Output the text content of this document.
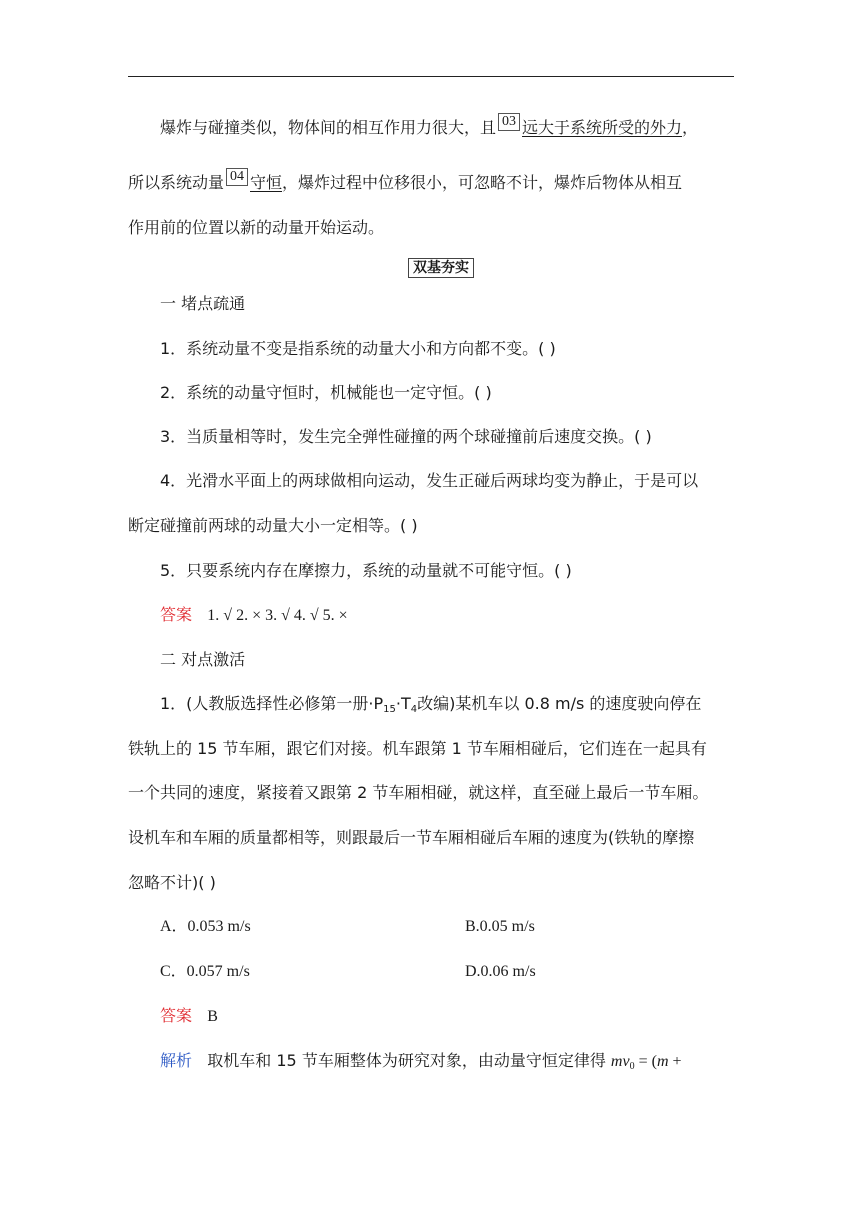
爆炸与碰撞类似，物体间的相互作用力很大，且 03 远大于系统所受的外力，
所以系统动量 04 守恒，爆炸过程中位移很小，可忽略不计，爆炸后物体从相互
作用前的位置以新的动量开始运动。
双基夯实
一 堵点疏通
1．系统动量不变是指系统的动量大小和方向都不变。( )
2．系统的动量守恒时，机械能也一定守恒。( )
3．当质量相等时，发生完全弹性碰撞的两个球碰撞前后速度交换。( )
4．光滑水平面上的两球做相向运动，发生正碰后两球均变为静止，于是可以
断定碰撞前两球的动量大小一定相等。( )
5．只要系统内存在摩擦力，系统的动量就不可能守恒。( )
答案 1. √ 2. × 3. √ 4. √ 5. ×
二 对点激活
1．(人教版选择性必修第一册$\cdot P_{15}\cdot T_4$改编)某机车以 0.8 m/s 的速度驶向停在
铁轨上的 15 节车厢，跟它们对接。机车跟第 1 节车厢相碰后，它们连在一起具有
一个共同的速度，紧接着又跟第 2 节车厢相碰，就这样，直至碰上最后一节车厢。
设机车和车厢的质量都相等，则跟最后一节车厢相碰后车厢的速度为(铁轨的摩擦
忽略不计)( )
A．0.053 m/s	B.0.05 m/s
C．0.057 m/s	D.0.06 m/s
答案 B
解析 取机车和 15 节车厢整体为研究对象，由动量守恒定律得 $mv_0 = (m$ +
